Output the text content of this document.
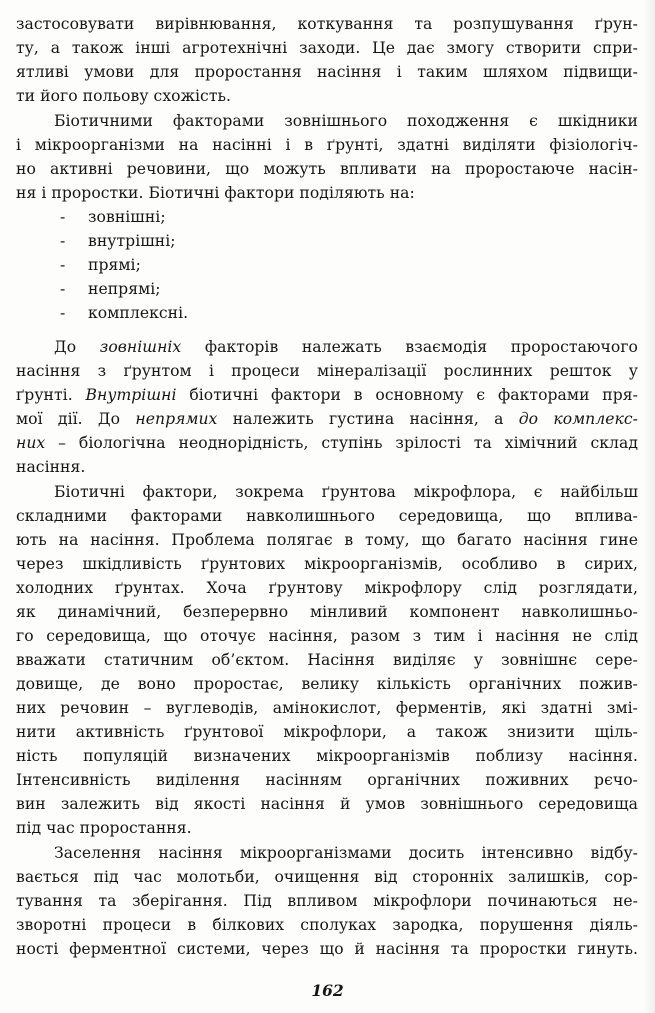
застосовувати вирівнювання, коткування та розпушування ґрун-
ту, а також інші агротехнічні заходи. Це дає змогу створити спри-
ятливі умови для проростання насіння і таким шляхом підвищи-
ти його польову схожість.
Біотичними факторами зовнішнього походження є шкідники
і мікроорганізми на насінні і в ґрунті, здатні виділяти фізіологіч-
но активні речовини, що можуть впливати на проростаюче насін-
ня і проростки. Біотичні фактори поділяють на:
- зовнішні;
- внутрішні;
- прямі;
- непрямі;
- комплексні.
До зовнішніх факторів належать взаємодія проростаючого
насіння з ґрунтом і процеси мінералізації рослинних решток у
ґрунті. Внутрішні біотичні фактори в основному є факторами пря-
мої дії. До непрямих належить густина насіння, а до комплекс-
них – біологічна неоднорідність, ступінь зрілості та хімічний склад
насіння.
Біотичні фактори, зокрема ґрунтова мікрофлора, є найбільш
складними факторами навколишнього середовища, що вплива-
ють на насіння. Проблема полягає в тому, що багато насіння гине
через шкідливість ґрунтових мікроорганізмів, особливо в сирих,
холодних ґрунтах. Хоча ґрунтову мікрофлору слід розглядати,
як динамічний, безперервно мінливий компонент навколишньо-
го середовища, що оточує насіння, разом з тим і насіння не слід
вважати статичним об’єктом. Насіння виділяє у зовнішнє сере-
довище, де воно проростає, велику кількість органічних пожив-
них речовин – вуглеводів, амінокислот, ферментів, які здатні змі-
нити активність ґрунтової мікрофлори, а також знизити щіль-
ність популяцій визначених мікроорганізмів поблизу насіння.
Інтенсивність виділення насінням органічних поживних рєчо-
вин залежить від якості насіння й умов зовнішнього середовища
під час проростання.
Заселення насіння мікроорганізмами досить інтенсивно відбу-
вається під час молотьби, очищення від сторонніх залишків, сор-
тування та зберігання. Під впливом мікрофлори починаються не-
зворотні процеси в білкових сполуках зародка, порушення діяль-
ності ферментної системи, через що й насіння та проростки гинуть.
162
